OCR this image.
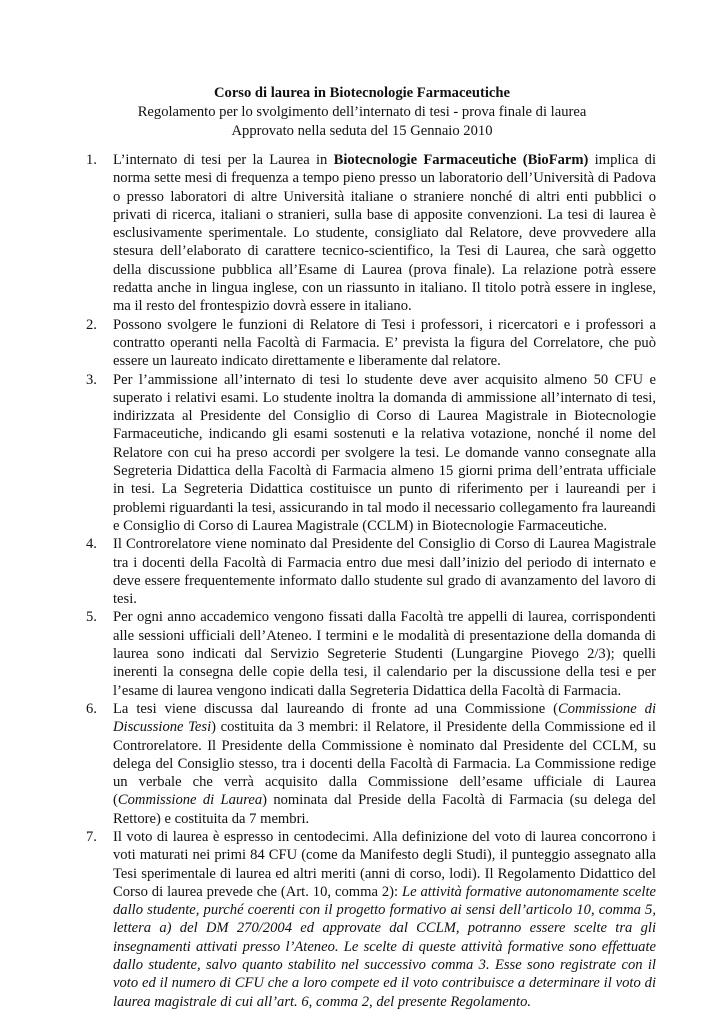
Corso di laurea in Biotecnologie Farmaceutiche
Regolamento per lo svolgimento dell’internato di tesi - prova finale di laurea
Approvato nella seduta del 15 Gennaio 2010
1. L’internato di tesi per la Laurea in Biotecnologie Farmaceutiche (BioFarm) implica di norma sette mesi di frequenza a tempo pieno presso un laboratorio dell’Università di Padova o presso laboratori di altre Università italiane o straniere nonché di altri enti pubblici o privati di ricerca, italiani o stranieri, sulla base di apposite convenzioni. La tesi di laurea è esclusivamente sperimentale. Lo studente, consigliato dal Relatore, deve provvedere alla stesura dell’elaborato di carattere tecnico-scientifico, la Tesi di Laurea, che sarà oggetto della discussione pubblica all’Esame di Laurea (prova finale). La relazione potrà essere redatta anche in lingua inglese, con un riassunto in italiano. Il titolo potrà essere in inglese, ma il resto del frontespizio dovrà essere in italiano.
2. Possono svolgere le funzioni di Relatore di Tesi i professori, i ricercatori e i professori a contratto operanti nella Facoltà di Farmacia. E’ prevista la figura del Correlatore, che può essere un laureato indicato direttamente e liberamente dal relatore.
3. Per l’ammissione all’internato di tesi lo studente deve aver acquisito almeno 50 CFU e superato i relativi esami. Lo studente inoltra la domanda di ammissione all’internato di tesi, indirizzata al Presidente del Consiglio di Corso di Laurea Magistrale in Biotecnologie Farmaceutiche, indicando gli esami sostenuti e la relativa votazione, nonché il nome del Relatore con cui ha preso accordi per svolgere la tesi. Le domande vanno consegnate alla Segreteria Didattica della Facoltà di Farmacia almeno 15 giorni prima dell’entrata ufficiale in tesi. La Segreteria Didattica costituisce un punto di riferimento per i laureandi per i problemi riguardanti la tesi, assicurando in tal modo il necessario collegamento fra laureandi e Consiglio di Corso di Laurea Magistrale (CCLM) in Biotecnologie Farmaceutiche.
4. Il Controrelatore viene nominato dal Presidente del Consiglio di Corso di Laurea Magistrale tra i docenti della Facoltà di Farmacia entro due mesi dall’inizio del periodo di internato e deve essere frequentemente informato dallo studente sul grado di avanzamento del lavoro di tesi.
5. Per ogni anno accademico vengono fissati dalla Facoltà tre appelli di laurea, corrispondenti alle sessioni ufficiali dell’Ateneo. I termini e le modalità di presentazione della domanda di laurea sono indicati dal Servizio Segreterie Studenti (Lungargine Piovego 2/3); quelli inerenti la consegna delle copie della tesi, il calendario per la discussione della tesi e per l’esame di laurea vengono indicati dalla Segreteria Didattica della Facoltà di Farmacia.
6. La tesi viene discussa dal laureando di fronte ad una Commissione (Commissione di Discussione Tesi) costituita da 3 membri: il Relatore, il Presidente della Commissione ed il Controrelatore. Il Presidente della Commissione è nominato dal Presidente del CCLM, su delega del Consiglio stesso, tra i docenti della Facoltà di Farmacia. La Commissione redige un verbale che verrà acquisito dalla Commissione dell’esame ufficiale di Laurea (Commissione di Laurea) nominata dal Preside della Facoltà di Farmacia (su delega del Rettore) e costituita da 7 membri.
7. Il voto di laurea è espresso in centodecimi. Alla definizione del voto di laurea concorrono i voti maturati nei primi 84 CFU (come da Manifesto degli Studi), il punteggio assegnato alla Tesi sperimentale di laurea ed altri meriti (anni di corso, lodi). Il Regolamento Didattico del Corso di laurea prevede che (Art. 10, comma 2): Le attività formative autonomamente scelte dallo studente, purché coerenti con il progetto formativo ai sensi dell’articolo 10, comma 5, lettera a) del DM 270/2004 ed approvate dal CCLM, potranno essere scelte tra gli insegnamenti attivati presso l’Ateneo. Le scelte di queste attività formative sono effettuate dallo studente, salvo quanto stabilito nel successivo comma 3. Esse sono registrate con il voto ed il numero di CFU che a loro compete ed il voto contribuisce a determinare il voto di laurea magistrale di cui all’art. 6, comma 2, del presente Regolamento.
